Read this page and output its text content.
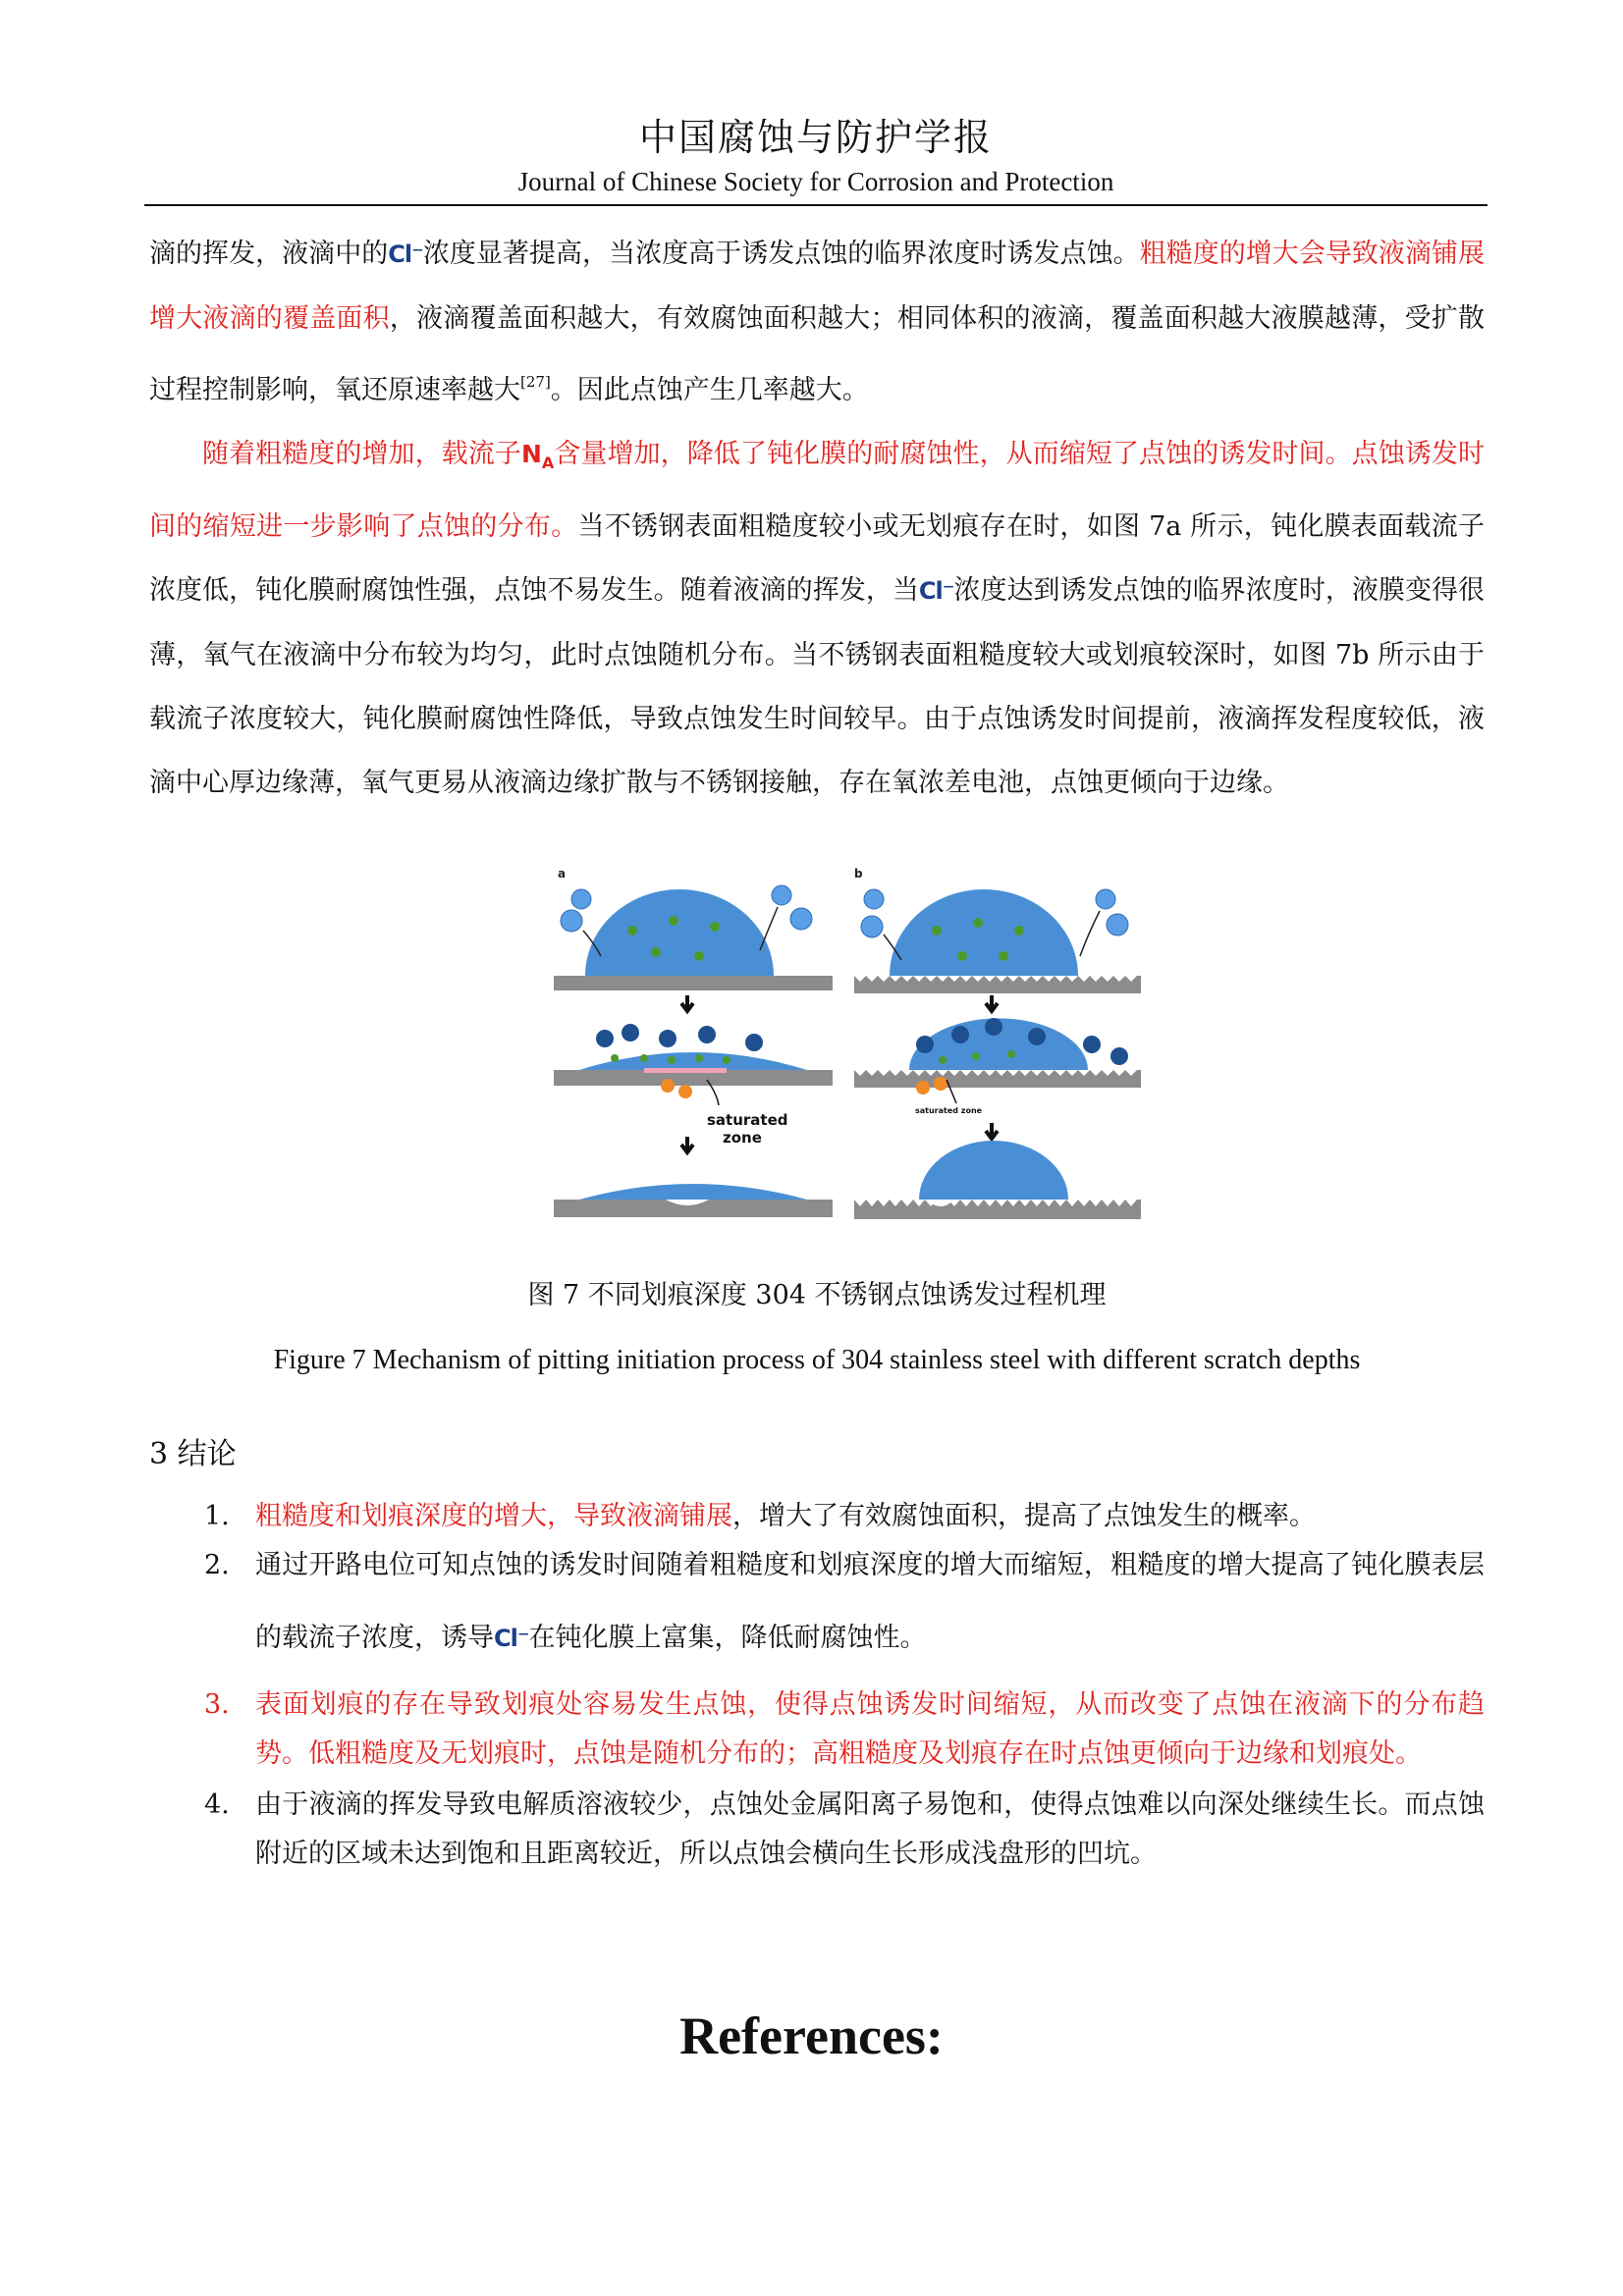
中国腐蚀与防护学报
Journal of Chinese Society for Corrosion and Protection

滴的挥发，液滴中的Cl⁻浓度显著提高，当浓度高于诱发点蚀的临界浓度时诱发点蚀。粗糙度的增大会导致液滴铺展增大液滴的覆盖面积，液滴覆盖面积越大，有效腐蚀面积越大；相同体积的液滴，覆盖面积越大液膜越薄，受扩散过程控制影响，氧还原速率越大[27]。因此点蚀产生几率越大。

随着粗糙度的增加，载流子$N_A$含量增加，降低了钝化膜的耐腐蚀性，从而缩短了点蚀的诱发时间。点蚀诱发时间的缩短进一步影响了点蚀的分布。当不锈钢表面粗糙度较小或无划痕存在时，如图 7a 所示，钝化膜表面载流子浓度低，钝化膜耐腐蚀性强，点蚀不易发生。随着液滴的挥发，当Cl⁻浓度达到诱发点蚀的临界浓度时，液膜变得很薄，氧气在液滴中分布较为均匀，此时点蚀随机分布。当不锈钢表面粗糙度较大或划痕较深时，如图 7b 所示由于载流子浓度较大，钝化膜耐腐蚀性降低，导致点蚀发生时间较早。由于点蚀诱发时间提前，液滴挥发程度较低，液滴中心厚边缘薄，氧气更易从液滴边缘扩散与不锈钢接触，存在氧浓差电池，点蚀更倾向于边缘。

a
saturated
zone
b
saturated zone
图 7 不同划痕深度 304 不锈钢点蚀诱发过程机理
Figure 7 Mechanism of pitting initiation process of 304 stainless steel with different scratch depths
3 结论
1. 粗糙度和划痕深度的增大，导致液滴铺展，增大了有效腐蚀面积，提高了点蚀发生的概率。
2. 通过开路电位可知点蚀的诱发时间随着粗糙度和划痕深度的增大而缩短，粗糙度的增大提高了钝化膜表层的载流子浓度，诱导Cl⁻在钝化膜上富集，降低耐腐蚀性。
3. 表面划痕的存在导致划痕处容易发生点蚀，使得点蚀诱发时间缩短，从而改变了点蚀在液滴下的分布趋势。低粗糙度及无划痕时，点蚀是随机分布的；高粗糙度及划痕存在时点蚀更倾向于边缘和划痕处。
4. 由于液滴的挥发导致电解质溶液较少，点蚀处金属阳离子易饱和，使得点蚀难以向深处继续生长。而点蚀附近的区域未达到饱和且距离较近，所以点蚀会横向生长形成浅盘形的凹坑。
References:
